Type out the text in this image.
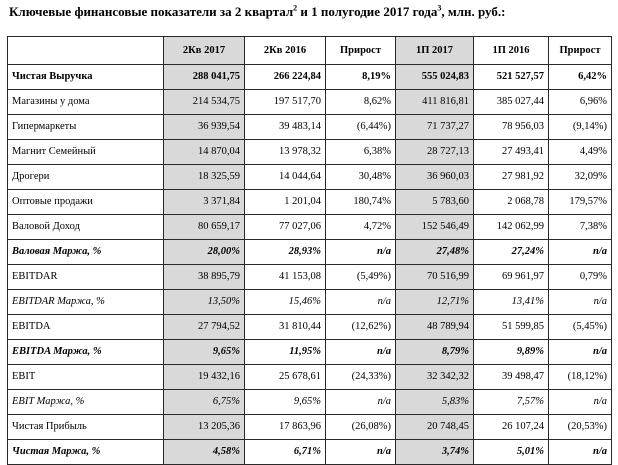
Ключевые финансовые показатели за 2 квартал$^2$ и 1 полугодие 2017 года$^3$, млн. руб.:
	2Кв 2017	2Кв 2016	Прирост	1П 2017	1П 2016	Прирост
Чистая Выручка	288 041,75	266 224,84	8,19%	555 024,83	521 527,57	6,42%
Магазины у дома	214 534,75	197 517,70	8,62%	411 816,81	385 027,44	6,96%
Гипермаркеты	36 939,54	39 483,14	(6,44%)	71 737,27	78 956,03	(9,14%)
Магнит Семейный	14 870,04	13 978,32	6,38%	28 727,13	27 493,41	4,49%
Дрогери	18 325,59	14 044,64	30,48%	36 960,03	27 981,92	32,09%
Оптовые продажи	3 371,84	1 201,04	180,74%	5 783,60	2 068,78	179,57%
Валовой Доход	80 659,17	77 027,06	4,72%	152 546,49	142 062,99	7,38%
Валовая Маржа, %	28,00%	28,93%	n/a	27,48%	27,24%	n/a
EBITDAR	38 895,79	41 153,08	(5,49%)	70 516,99	69 961,97	0,79%
EBITDAR Маржа, %	13,50%	15,46%	n/a	12,71%	13,41%	n/a
EBITDA	27 794,52	31 810,44	(12,62%)	48 789,94	51 599,85	(5,45%)
EBITDA Маржа, %	9,65%	11,95%	n/a	8,79%	9,89%	n/a
EBIT	19 432,16	25 678,61	(24,33%)	32 342,32	39 498,47	(18,12%)
EBIT Маржа, %	6,75%	9,65%	n/a	5,83%	7,57%	n/a
Чистая Прибыль	13 205,36	17 863,96	(26,08%)	20 748,45	26 107,24	(20,53%)
Чистая Маржа, %	4,58%	6,71%	n/a	3,74%	5,01%	n/a
